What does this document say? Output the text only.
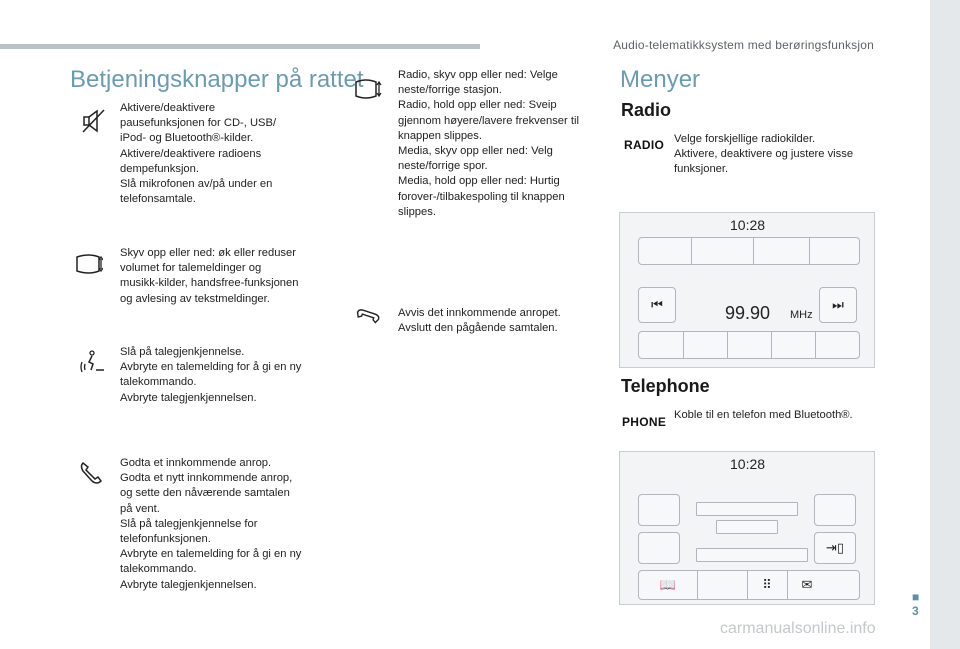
Audio-telematikksystem med berøringsfunksjon
Betjeningsknapper på rattet
Aktivere/deaktivere
pausefunksjonen for CD-, USB/
iPod- og Bluetooth®-kilder.
Aktivere/deaktivere radioens
dempefunksjon.
Slå mikrofonen av/på under en
telefonsamtale.
Skyv opp eller ned: øk eller reduser
volumet for talemeldinger og
musikk-kilder, handsfree-funksjonen
og avlesing av tekstmeldinger.
Slå på talegjenkjennelse.
Avbryte en talemelding for å gi en ny
talekommando.
Avbryte talegjenkjennelsen.
Godta et innkommende anrop.
Godta et nytt innkommende anrop,
og sette den nåværende samtalen
på vent.
Slå på talegjenkjennelse for
telefonfunksjonen.
Avbryte en talemelding for å gi en ny
talekommando.
Avbryte talegjenkjennelsen.
Radio, skyv opp eller ned: Velge
neste/forrige stasjon.
Radio, hold opp eller ned: Sveip
gjennom høyere/lavere frekvenser til
knappen slippes.
Media, skyv opp eller ned: Velg
neste/forrige spor.
Media, hold opp eller ned: Hurtig
forover-/tilbakespoling til knappen
slippes.
Avvis det innkommende anropet.
Avslutt den pågående samtalen.
Menyer
Radio
RADIO Velge forskjellige radiokilder.
Aktivere, deaktivere og justere visse
funksjoner.
10:28
⏮	99.90 MHz
⏭
Telephone
PHONE Koble til en telefon med Bluetooth®.
10:28
⇥▯
📖	⠿	✉
■
3
carmanualsonline.info
